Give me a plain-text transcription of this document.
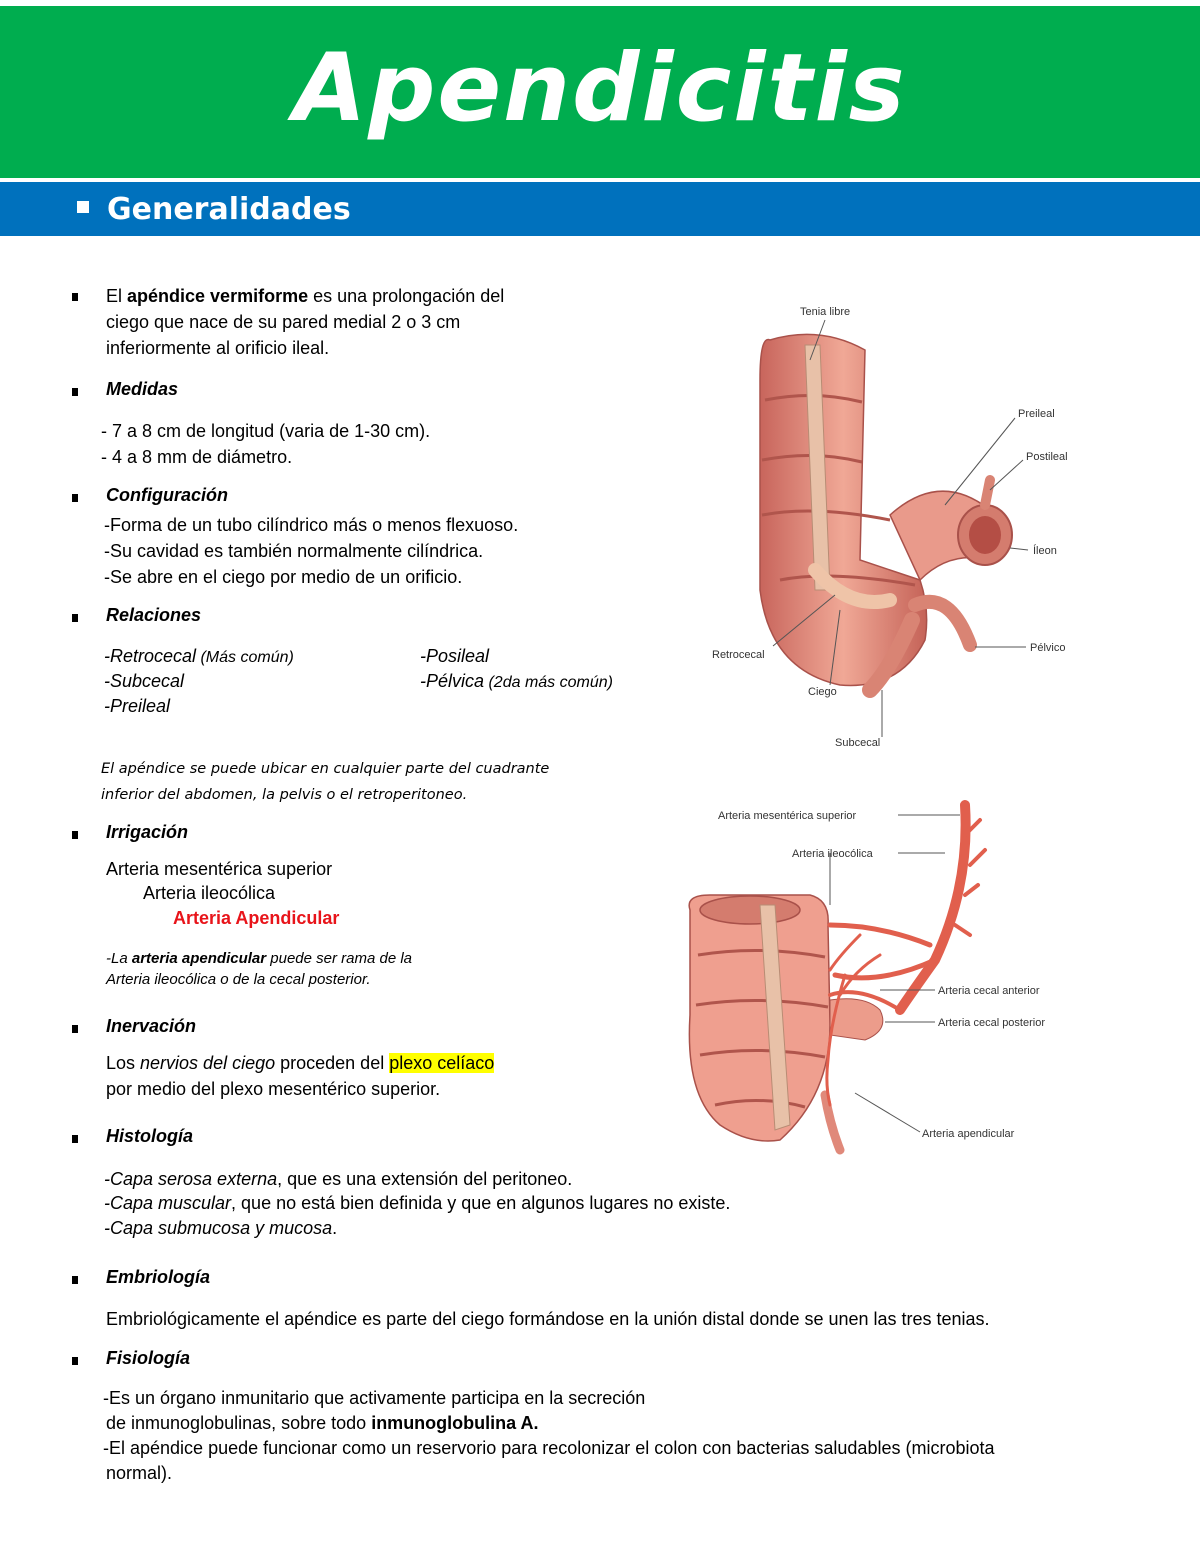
Apendicitis
Generalidades
El apéndice vermiforme es una prolongación del
ciego que nace de su pared medial 2 o 3 cm
inferiormente al orificio ileal.
Medidas
- 7 a 8 cm de longitud (varia de 1-30 cm).
- 4 a 8 mm de diámetro.
Configuración
-Forma de un tubo cilíndrico más o menos flexuoso.
-Su cavidad es también normalmente cilíndrica.
-Se abre en el ciego por medio de un orificio.
Relaciones
-Retrocecal (Más común)
-Subcecal
-Preileal
-Posileal
-Pélvica (2da más común)
El apéndice se puede ubicar en cualquier parte del cuadrante
inferior del abdomen, la pelvis o el retroperitoneo.
Irrigación
Arteria mesentérica superior
Arteria ileocólica
Arteria Apendicular
-La arteria apendicular puede ser rama de la
Arteria ileocólica o de la cecal posterior.
Inervación
Los nervios del ciego proceden del plexo celíaco
por medio del plexo mesentérico superior.
Histología
-Capa serosa externa, que es una extensión del peritoneo.
-Capa muscular, que no está bien definida y que en algunos lugares no existe.
-Capa submucosa y mucosa.
Embriología
Embriológicamente el apéndice es parte del ciego formándose en la unión distal donde se unen las tres tenias.
Fisiología
-Es un órgano inmunitario que activamente participa en la secreción
de inmunoglobulinas, sobre todo inmunoglobulina A.
-El apéndice puede funcionar como un reservorio para recolonizar el colon con bacterias saludables (microbiota
normal).
Tenia libre
Preileal
Postileal
Íleon
Retrocecal
Pélvico
Ciego
Subcecal
Arteria mesentérica superior
Arteria ileocólica
Arteria cecal anterior
Arteria cecal posterior
Arteria apendicular
